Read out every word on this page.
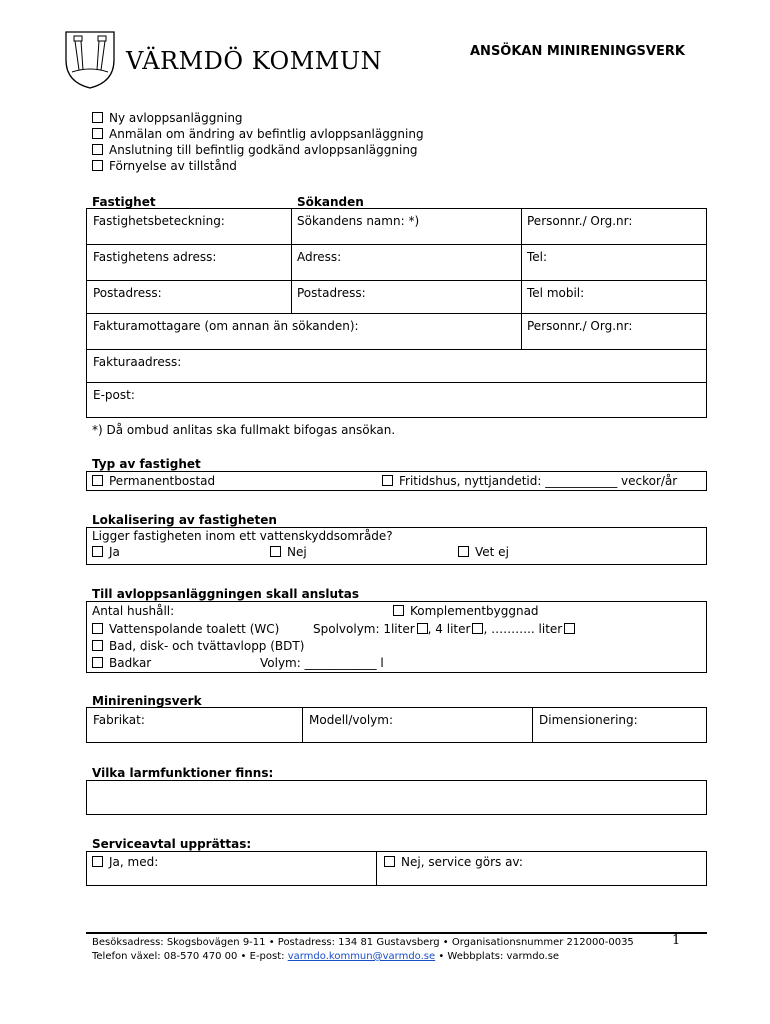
VÄRMDÖ KOMMUN	ANSÖKAN MINIRENINGSVERK
Ny avloppsanläggning
Anmälan om ändring av befintlig avloppsanläggning
Anslutning till befintlig godkänd avloppsanläggning
Förnyelse av tillstånd
Fastighet	Sökanden
Fastighetsbeteckning:	Sökandens namn: *)	Personnr./ Org.nr:
Fastighetens adress:	Adress:	Tel:
Postadress:	Postadress:	Tel mobil:
Fakturamottagare (om annan än sökanden):	Personnr./ Org.nr:
Fakturaadress:
E-post:
*) Då ombud anlitas ska fullmakt bifogas ansökan.
Typ av fastighet
Permanentbostad	Fritidshus, nyttjandetid: ____________ veckor/år
Lokalisering av fastigheten
Ligger fastigheten inom ett vattenskyddsområde?
Ja	Nej	Vet ej
Till avloppsanläggningen skall anslutas
Antal hushåll:	Komplementbyggnad
Vattenspolande toalett (WC)	Spolvolym: 1liter , 4 liter , ……….. liter
Bad, disk- och tvättavlopp (BDT)
Badkar	Volym: ____________ l
Minireningsverk
Fabrikat:	Modell/volym:	Dimensionering:
Vilka larmfunktioner finns:
Serviceavtal upprättas:
Ja, med:	Nej, service görs av:
Besöksadress: Skogsbovägen 9-11 • Postadress: 134 81 Gustavsberg • Organisationsnummer 212000-0035
Telefon växel: 08-570 470 00 • E-post: varmdo.kommun@varmdo.se • Webbplats: varmdo.se
1
